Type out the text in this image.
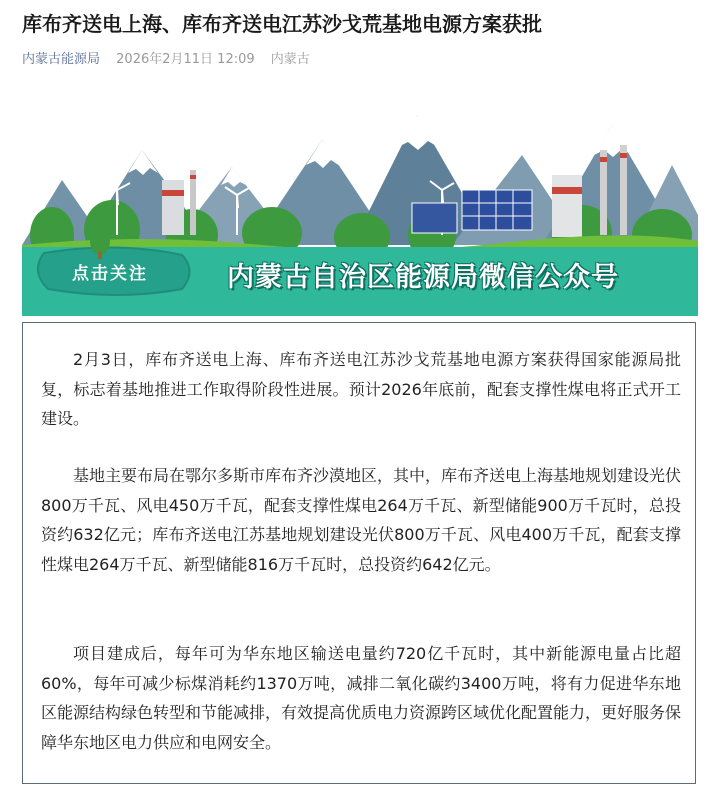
库布齐送电上海、库布齐送电江苏沙戈荒基地电源方案获批
内蒙古能源局 2026年2月11日 12:09 内蒙古
点击关注	内蒙古自治区能源局微信公众号

2月3日，库布齐送电上海、库布齐送电江苏沙戈荒基地电源方案获得国家能源局批复，标志着基地推进工作取得阶段性进展。预计2026年底前，配套支撑性煤电将正式开工建设。

基地主要布局在鄂尔多斯市库布齐沙漠地区，其中，库布齐送电上海基地规划建设光伏800万千瓦、风电450万千瓦，配套支撑性煤电264万千瓦、新型储能900万千瓦时，总投资约632亿元；库布齐送电江苏基地规划建设光伏800万千瓦、风电400万千瓦，配套支撑性煤电264万千瓦、新型储能816万千瓦时，总投资约642亿元。

项目建成后，每年可为华东地区输送电量约720亿千瓦时，其中新能源电量占比超60%，每年可减少标煤消耗约1370万吨，减排二氧化碳约3400万吨，将有力促进华东地区能源结构绿色转型和节能减排，有效提高优质电力资源跨区域优化配置能力，更好服务保障华东地区电力供应和电网安全。
